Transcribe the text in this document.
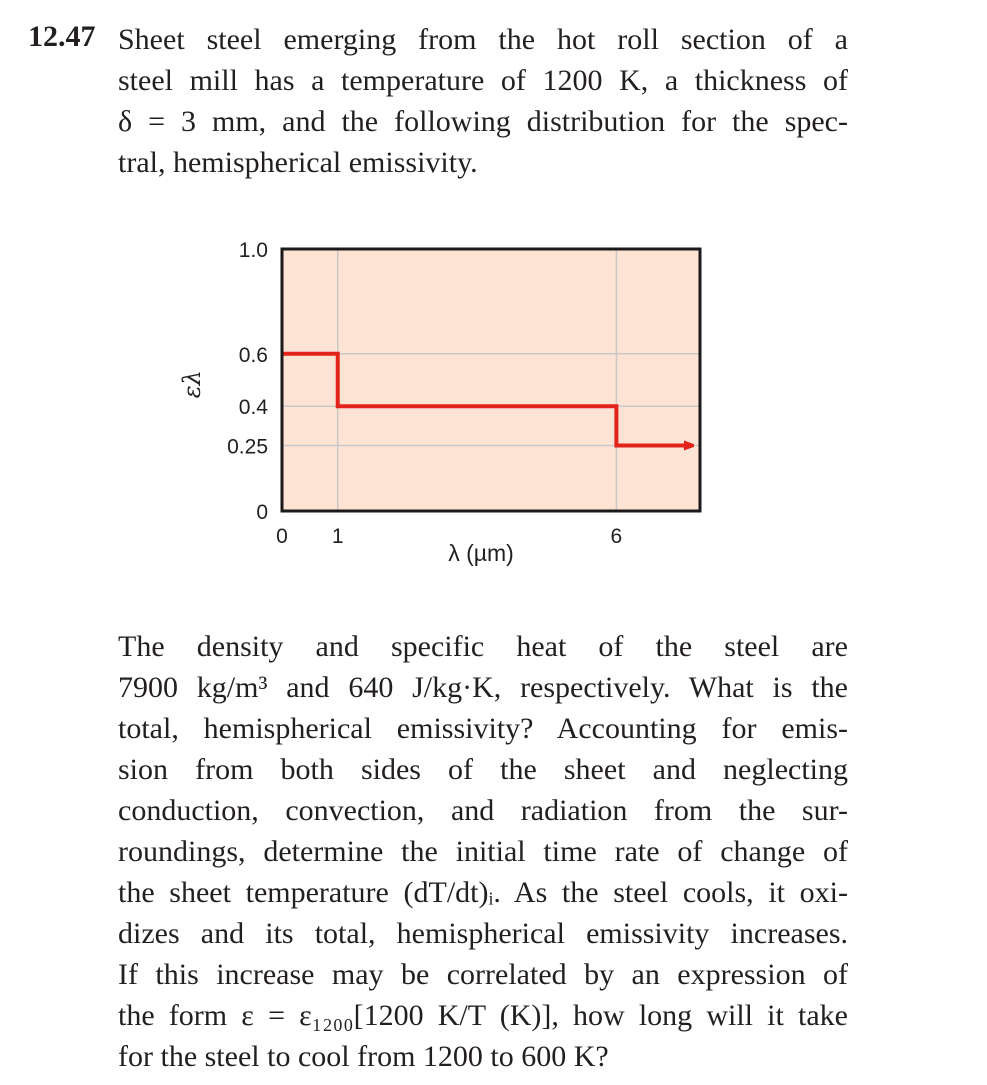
12.47 Sheet steel emerging from the hot roll section of a
steel mill has a temperature of 1200 K, a thickness of
δ = 3 mm, and the following distribution for the spec-
tral, hemispherical emissivity.
0
0.25
0.4
0.6
1.0
0 1	6
λ (µm)
ελ
The density and specific heat of the steel are
7900 kg/m³ and 640 J/kg·K, respectively. What is the
total, hemispherical emissivity? Accounting for emis-
sion from both sides of the sheet and neglecting
conduction, convection, and radiation from the sur-
roundings, determine the initial time rate of change of
the sheet temperature (dT/dt)ᵢ. As the steel cools, it oxi-
dizes and its total, hemispherical emissivity increases.
If this increase may be correlated by an expression of
the form ε = ε₁₂₀₀[1200 K/T (K)], how long will it take
for the steel to cool from 1200 to 600 K?
